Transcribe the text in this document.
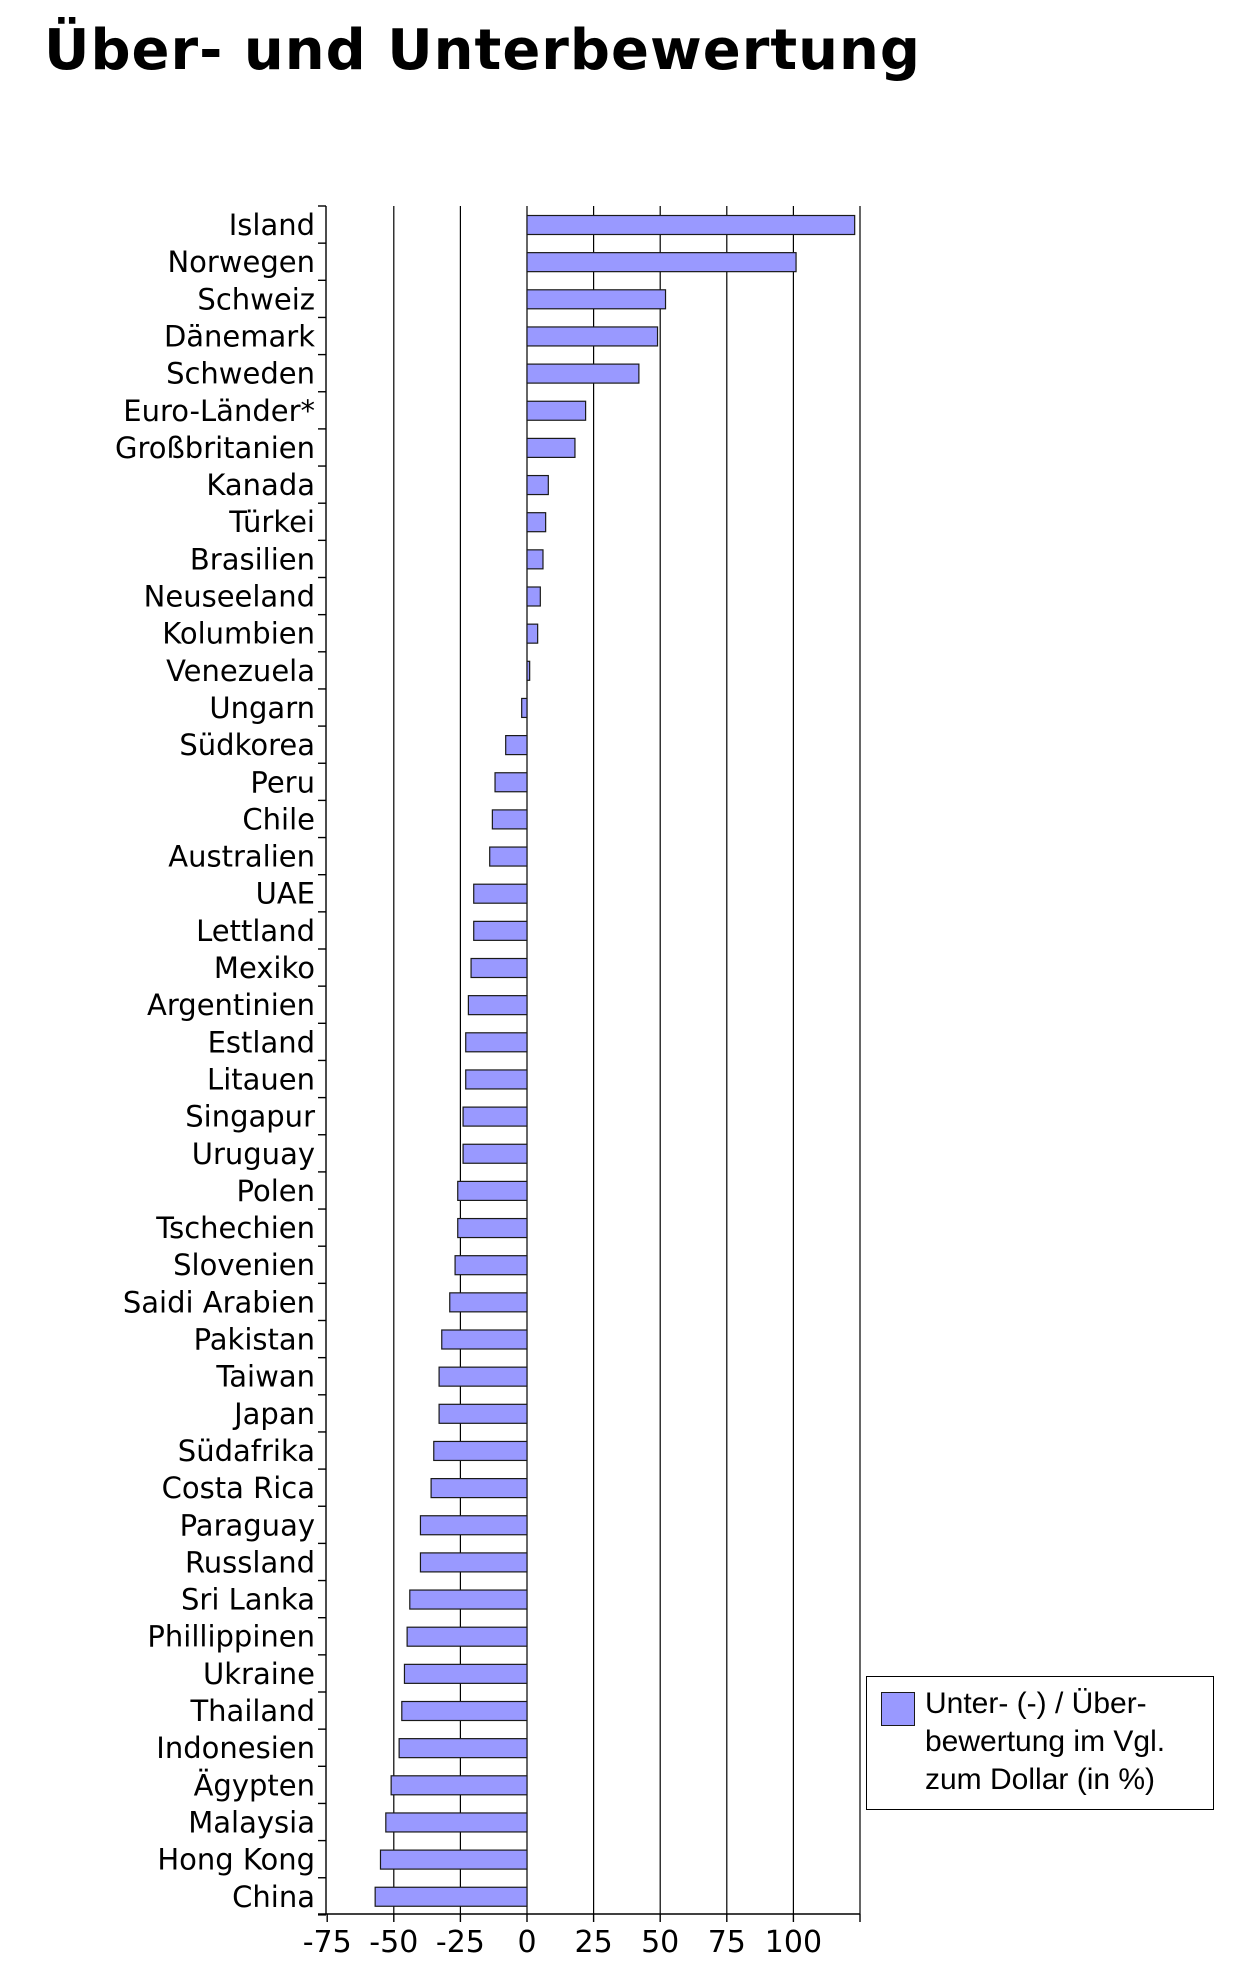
Über- und Unterbewertung
Island
Norwegen
Schweiz
Dänemark
Schweden
Euro-Länder*
Großbritanien
Kanada
Türkei
Brasilien
Neuseeland
Kolumbien
Venezuela
Ungarn
Südkorea
Peru
Chile
Australien
UAE
Lettland
Mexiko
Argentinien
Estland
Litauen
Singapur
Uruguay
Polen
Tschechien
Slovenien
Saidi Arabien
Pakistan
Taiwan
Japan
Südafrika
Costa Rica
Paraguay
Russland
Sri Lanka
Phillippinen
Ukraine
Thailand
Indonesien
Ägypten
Malaysia
Hong Kong
China
-75 -50 -25 0 25 50 75 100
Unter- (-) / Über-
bewertung im Vgl.
zum Dollar (in %)
